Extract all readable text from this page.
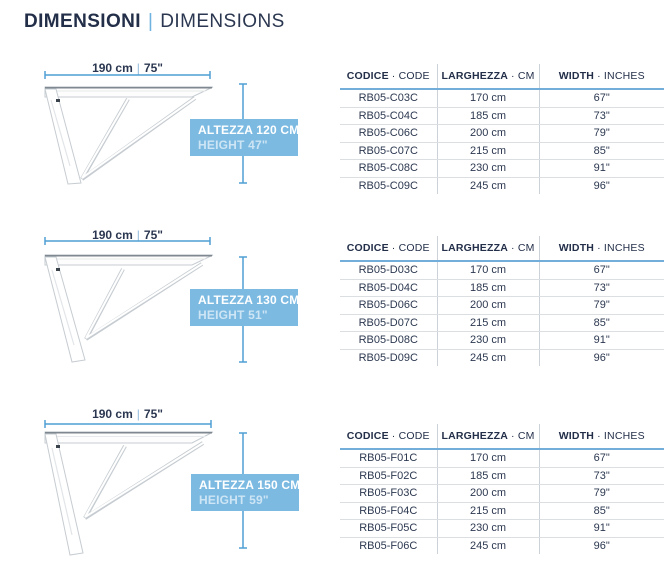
DIMENSIONI | DIMENSIONS
190 cm | 75"
ALTEZZA 120 CM
HEIGHT 47"
CODICE · CODE	LARGHEZZA · CM	WIDTH · INCHES
RB05-C03C	170 cm	67"
RB05-C04C	185 cm	73"
RB05-C06C	200 cm	79"
RB05-C07C	215 cm	85"
RB05-C08C	230 cm	91"
RB05-C09C	245 cm	96"
190 cm | 75"
ALTEZZA 130 CM
HEIGHT 51"
CODICE · CODE	LARGHEZZA · CM	WIDTH · INCHES
RB05-D03C	170 cm	67"
RB05-D04C	185 cm	73"
RB05-D06C	200 cm	79"
RB05-D07C	215 cm	85"
RB05-D08C	230 cm	91"
RB05-D09C	245 cm	96"
190 cm | 75"
ALTEZZA 150 CM
HEIGHT 59"
CODICE · CODE	LARGHEZZA · CM	WIDTH · INCHES
RB05-F01C	170 cm	67"
RB05-F02C	185 cm	73"
RB05-F03C	200 cm	79"
RB05-F04C	215 cm	85"
RB05-F05C	230 cm	91"
RB05-F06C	245 cm	96"
